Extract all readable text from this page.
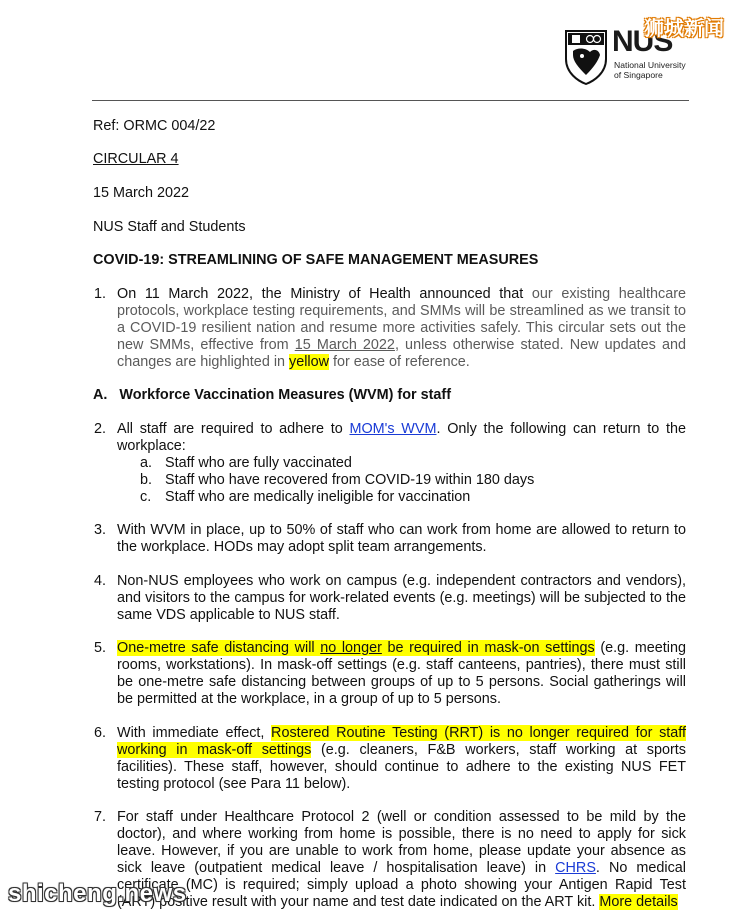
NUS
National University
of Singapore
狮城新闻
Ref: ORMC 004/22
CIRCULAR 4
15 March 2022
NUS Staff and Students
COVID-19: STREAMLINING OF SAFE MANAGEMENT MEASURES
1. On 11 March 2022, the Ministry of Health announced that our existing healthcare protocols, workplace testing requirements, and SMMs will be streamlined as we transit to a COVID-19 resilient nation and resume more activities safely. This circular sets out the new SMMs, effective from 15 March 2022, unless otherwise stated. New updates and changes are highlighted in yellow for ease of reference.
A. Workforce Vaccination Measures (WVM) for staff
2. All staff are required to adhere to MOM's WVM. Only the following can return to the workplace:
a. Staff who are fully vaccinated
b. Staff who have recovered from COVID-19 within 180 days
c. Staff who are medically ineligible for vaccination
3. With WVM in place, up to 50% of staff who can work from home are allowed to return to the workplace. HODs may adopt split team arrangements.
4. Non-NUS employees who work on campus (e.g. independent contractors and vendors), and visitors to the campus for work-related events (e.g. meetings) will be subjected to the same VDS applicable to NUS staff.
5. One-metre safe distancing will no longer be required in mask-on settings (e.g. meeting rooms, workstations). In mask-off settings (e.g. staff canteens, pantries), there must still be one-metre safe distancing between groups of up to 5 persons. Social gatherings will be permitted at the workplace, in a group of up to 5 persons.
6. With immediate effect, Rostered Routine Testing (RRT) is no longer required for staff working in mask-off settings (e.g. cleaners, F&B workers, staff working at sports facilities). These staff, however, should continue to adhere to the existing NUS FET testing protocol (see Para 11 below).
7. For staff under Healthcare Protocol 2 (well or condition assessed to be mild by the doctor), and where working from home is possible, there is no need to apply for sick leave. However, if you are unable to work from home, please update your absence as sick leave (outpatient medical leave / hospitalisation leave) in CHRS. No medical certificate (MC) is required; simply upload a photo showing your Antigen Rapid Test (ART) positive result with your name and test date indicated on the ART kit. More details
shicheng.news
